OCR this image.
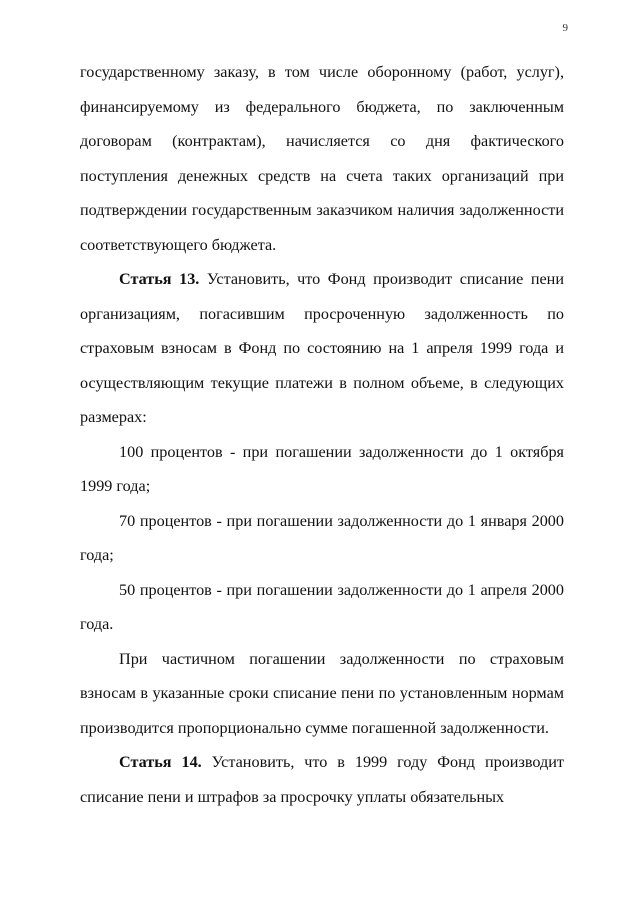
9

государственному заказу, в том числе оборонному (работ, услуг), финансируемому из федерального бюджета, по заключенным договорам (контрактам), начисляется со дня фактического поступления денежных средств на счета таких организаций при подтверждении государственным заказчиком наличия задолженности соответствующего бюджета.

Статья 13. Установить, что Фонд производит списание пени организациям, погасившим просроченную задолженность по страховым взносам в Фонд по состоянию на 1 апреля 1999 года и осуществляющим текущие платежи в полном объеме, в следующих размерах:

100 процентов - при погашении задолженности до 1 октября 1999 года;

70 процентов - при погашении задолженности до 1 января 2000 года;

50 процентов - при погашении задолженности до 1 апреля 2000 года.

При частичном погашении задолженности по страховым взносам в указанные сроки списание пени по установленным нормам производится пропорционально сумме погашенной задолженности.

Статья 14. Установить, что в 1999 году Фонд производит списание пени и штрафов за просрочку уплаты обязательных
